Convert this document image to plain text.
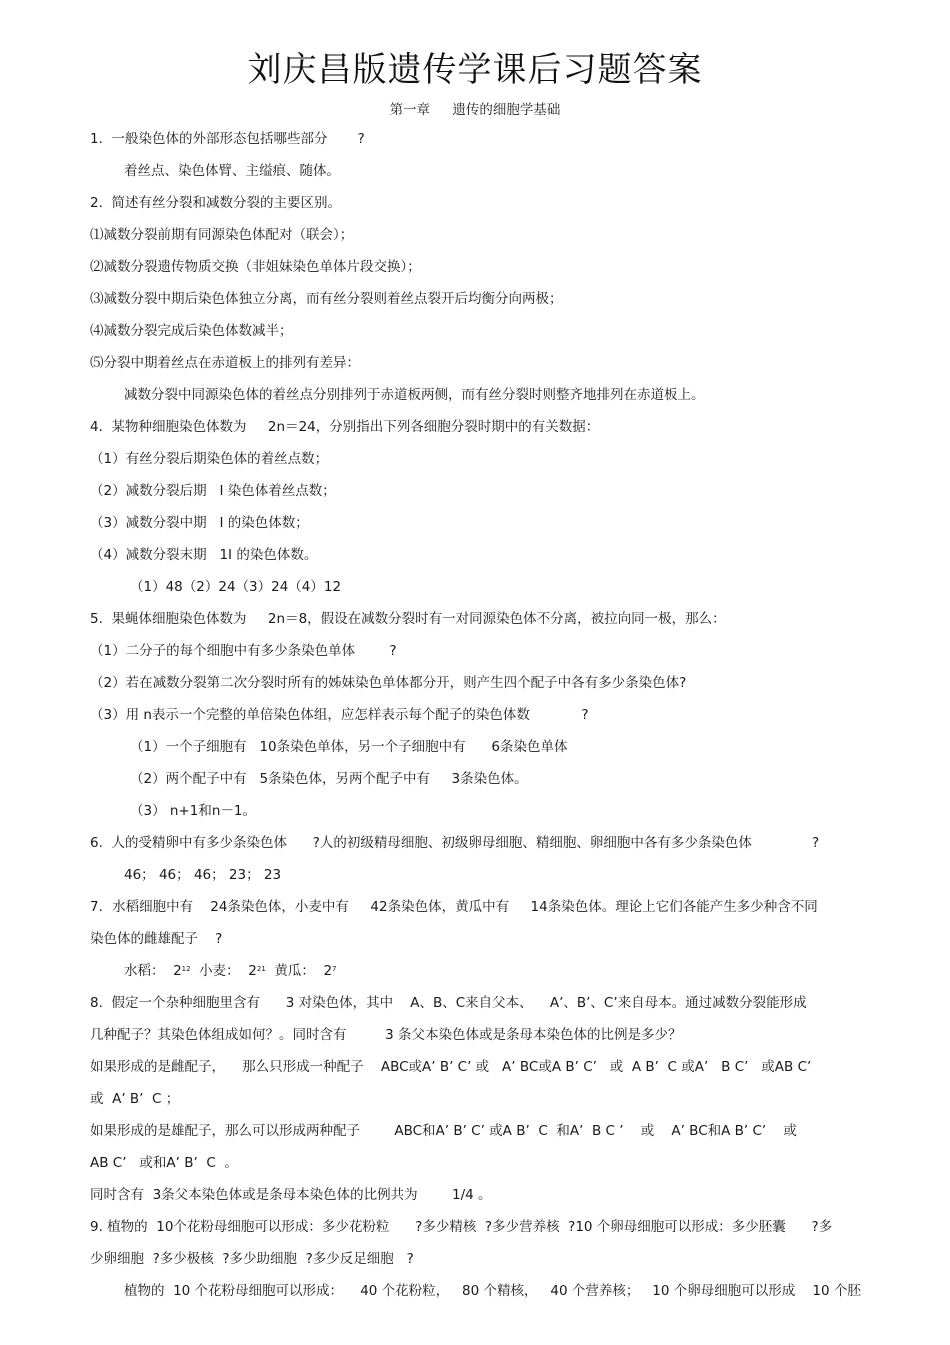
刘庆昌版遗传学课后习题答案
第一章 遗传的细胞学基础
1.  一般染色体的外部形态包括哪些部分       ?
着丝点、染色体臂、主缢痕、随体。
2.  简述有丝分裂和减数分裂的主要区别。
⑴减数分裂前期有同源染色体配对（联会）；
⑵减数分裂遗传物质交换（非姐妹染色单体片段交换）；
⑶减数分裂中期后染色体独立分离，而有丝分裂则着丝点裂开后均衡分向两极；
⑷减数分裂完成后染色体数减半；
⑸分裂中期着丝点在赤道板上的排列有差异：
减数分裂中同源染色体的着丝点分别排列于赤道板两侧，而有丝分裂时则整齐地排列在赤道板上。
4.  某物种细胞染色体数为     2n＝24，分别指出下列各细胞分裂时期中的有关数据：
（1）有丝分裂后期染色体的着丝点数；
（2）减数分裂后期   I 染色体着丝点数；
（3）减数分裂中期   I 的染色体数；
（4）减数分裂末期   1I 的染色体数。
（1）48（2）24（3）24（4）12
5.  果蝇体细胞染色体数为     2n＝8，假设在减数分裂时有一对同源染色体不分离，被拉向同一极，那么：
（1）二分子的每个细胞中有多少条染色单体        ?
（2）若在减数分裂第二次分裂时所有的姊妹染色单体都分开，则产生四个配子中各有多少条染色体?
（3）用 n表示一个完整的单倍染色体组，应怎样表示每个配子的染色体数            ?
（1）一个子细胞有   10条染色单体，另一个子细胞中有      6条染色单体
（2）两个配子中有   5条染色体，另两个配子中有     3条染色体。
（3） n+1和n－1。
6.  人的受精卵中有多少条染色体      ?人的初级精母细胞、初级卵母细胞、精细胞、卵细胞中各有多少条染色体              ?
46； 46； 46； 23； 23
7．水稻细胞中有    24条染色体，小麦中有     42条染色体，黄瓜中有     14条染色体。理论上它们各能产生多少种含不同
染色体的雌雄配子    ?
水稻：  $2^{12}$  小麦：  $2^{21}$  黄瓜：  $2^7$
8.  假定一个杂种细胞里含有      3 对染色体，其中    A、B、C来自父本、    A’、B’、C’来自母本。通过减数分裂能形成
几种配子？其染色体组成如何？。同时含有         3 条父本染色体或是条母本染色体的比例是多少？
如果形成的是雌配子，    那么只形成一种配子    ABC或A’ B’ C’ 或   A’ BC或A B’ C’   或  A B’  C 或A’   B C’   或AB C’
或  A’ B’  C ；
如果形成的是雄配子，那么可以形成两种配子        ABC和A’ B’ C’ 或A B’  C  和A’  B C ’    或    A’ BC和A B’ C’    或
AB C’   或和A’ B’  C  。
同时含有  3条父本染色体或是条母本染色体的比例共为        1/4 。
9. 植物的  10个花粉母细胞可以形成：多少花粉粒      ?多少精核  ?多少营养核  ?10 个卵母细胞可以形成：多少胚囊      ?多
少卵细胞  ?多少极核  ?多少助细胞  ?多少反足细胞   ?
植物的  10 个花粉母细胞可以形成：    40 个花粉粒，   80 个精核，   40 个营养核；   10 个卵母细胞可以形成    10 个胚
